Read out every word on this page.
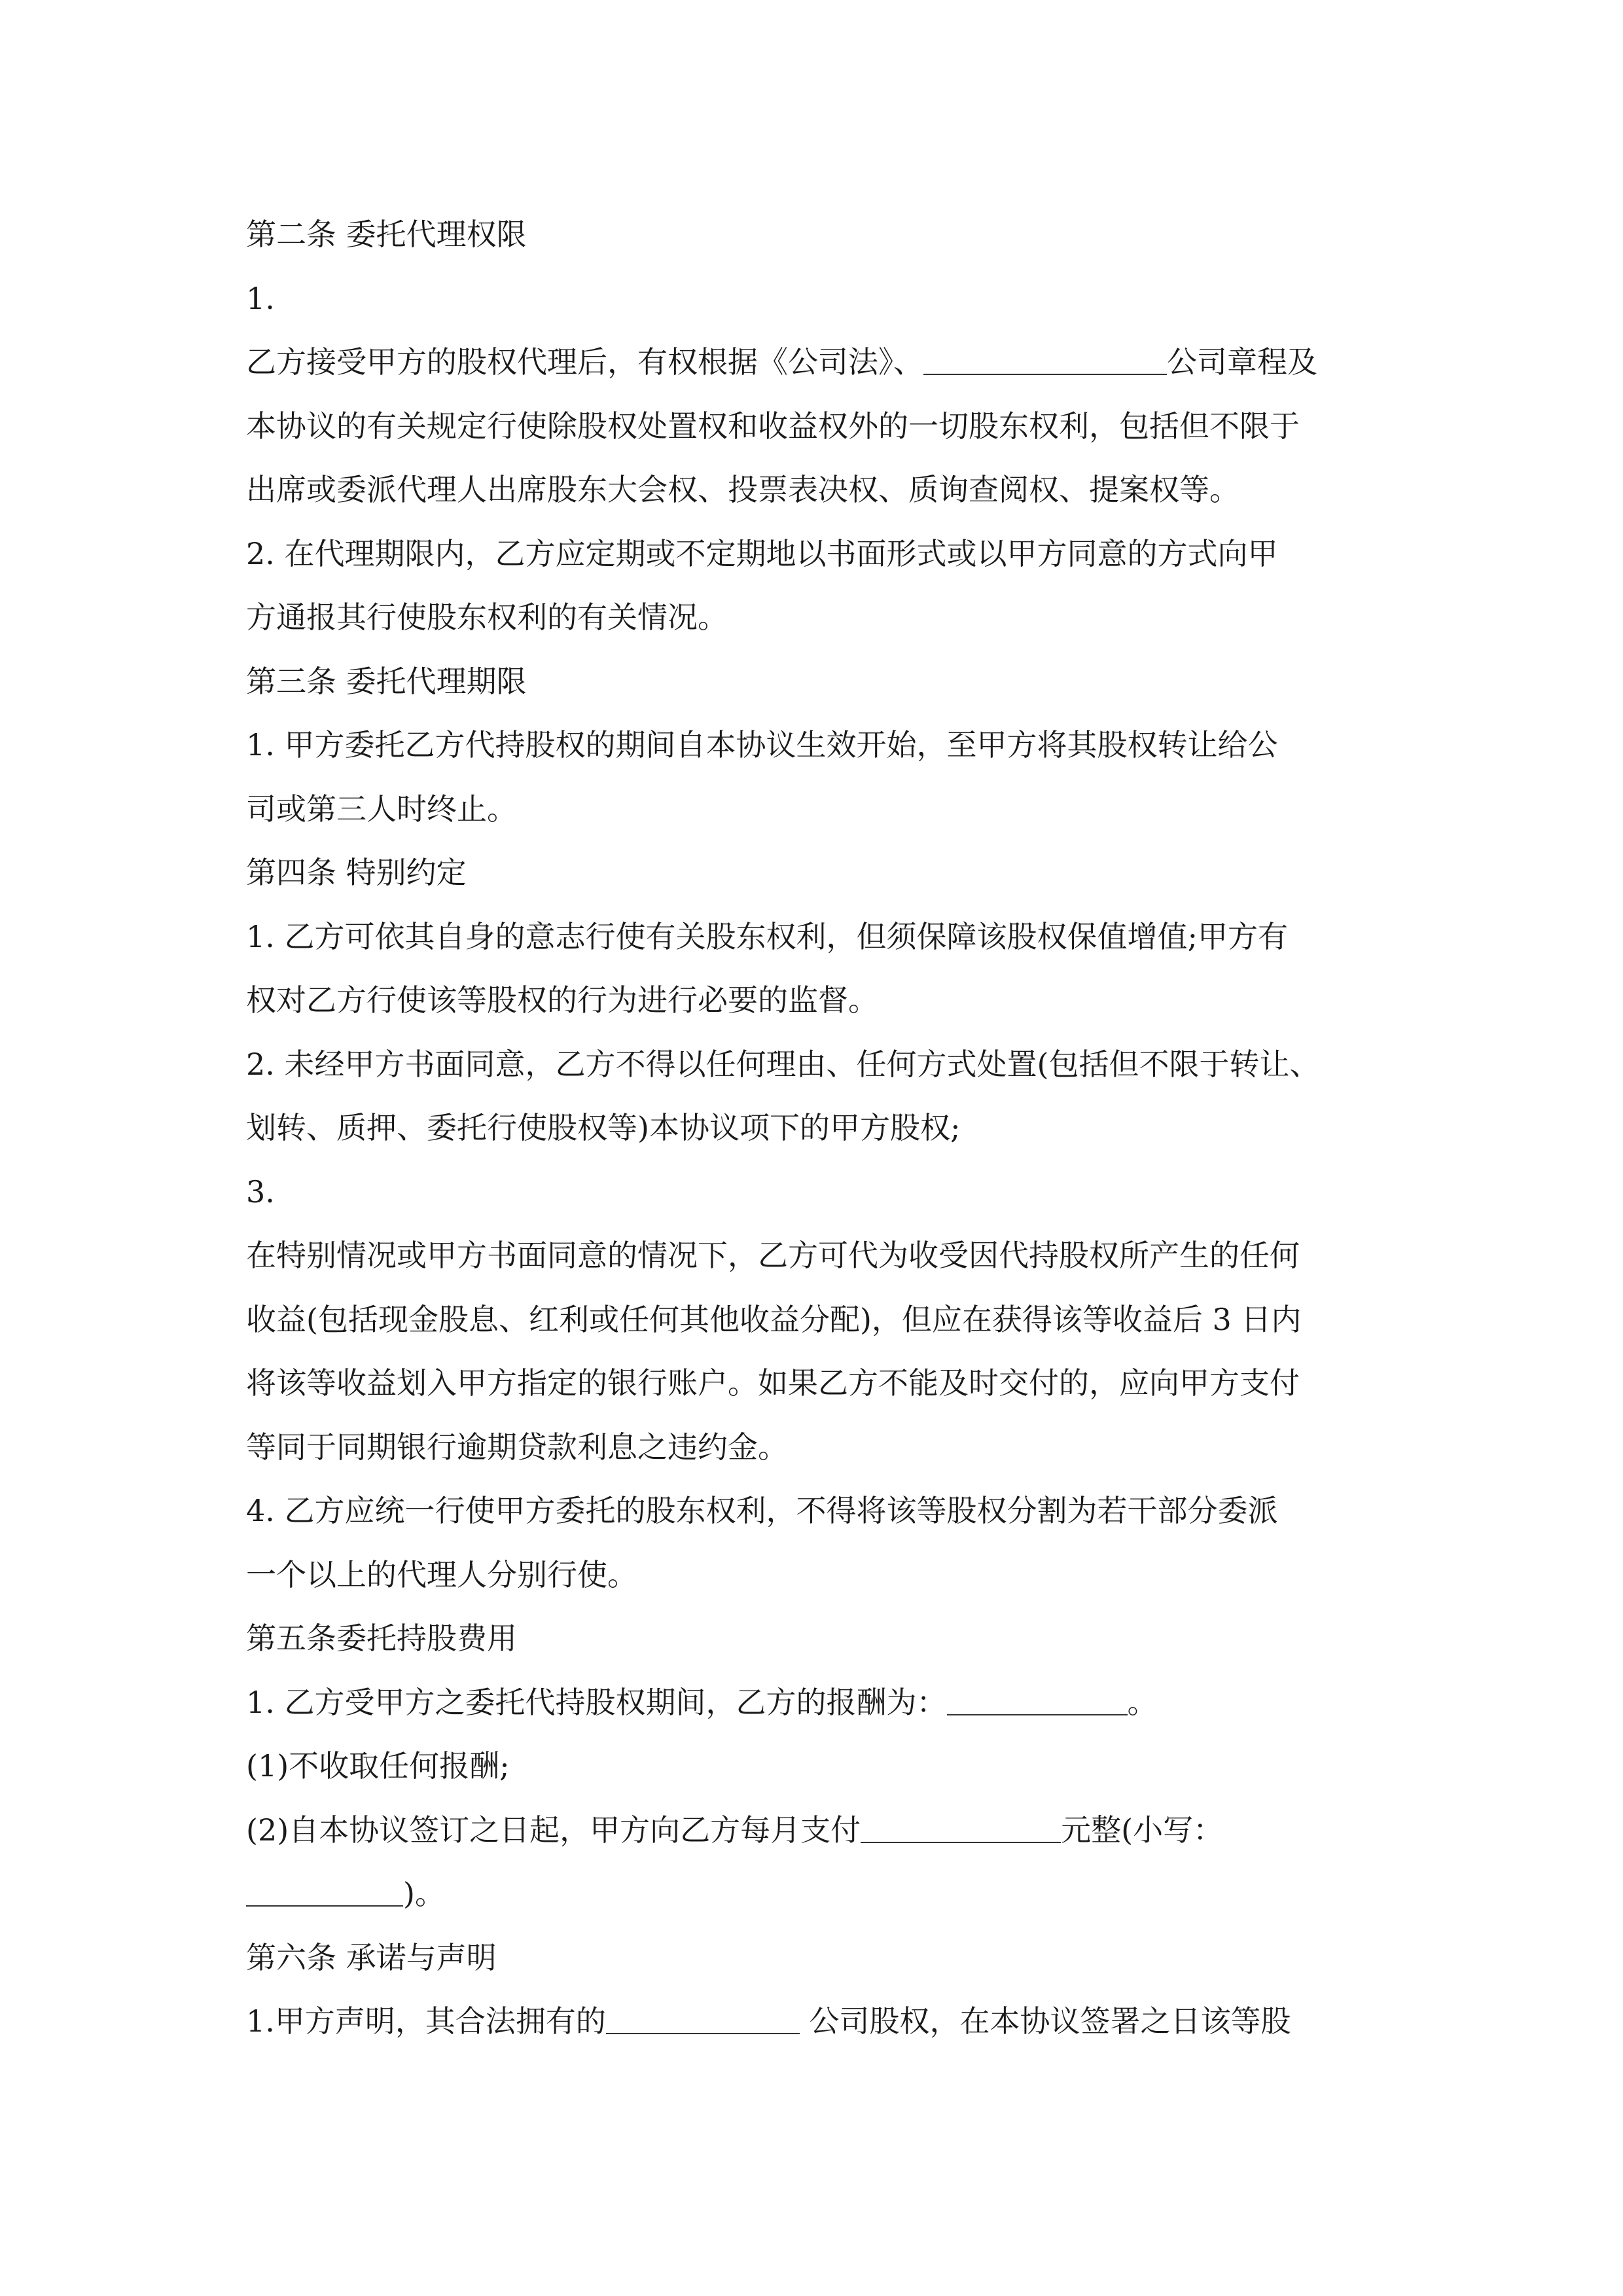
第二条 委托代理权限
1.
乙方接受甲方的股权代理后，有权根据《公司法》、	公司章程及
本协议的有关规定行使除股权处置权和收益权外的一切股东权利，包括但不限于
出席或委派代理人出席股东大会权、投票表决权、质询查阅权、提案权等。
2. 在代理期限内，乙方应定期或不定期地以书面形式或以甲方同意的方式向甲
方通报其行使股东权利的有关情况。
第三条 委托代理期限
1. 甲方委托乙方代持股权的期间自本协议生效开始，至甲方将其股权转让给公
司或第三人时终止。
第四条 特别约定
1. 乙方可依其自身的意志行使有关股东权利，但须保障该股权保值增值;甲方有
权对乙方行使该等股权的行为进行必要的监督。
2. 未经甲方书面同意，乙方不得以任何理由、任何方式处置(包括但不限于转让、
划转、质押、委托行使股权等)本协议项下的甲方股权;
3.
在特别情况或甲方书面同意的情况下，乙方可代为收受因代持股权所产生的任何
收益(包括现金股息、红利或任何其他收益分配)，但应在获得该等收益后 3 日内
将该等收益划入甲方指定的银行账户。如果乙方不能及时交付的，应向甲方支付
等同于同期银行逾期贷款利息之违约金。
4. 乙方应统一行使甲方委托的股东权利，不得将该等股权分割为若干部分委派
一个以上的代理人分别行使。
第五条委托持股费用
1. 乙方受甲方之委托代持股权期间，乙方的报酬为：	。
(1)不收取任何报酬;
(2)自本协议签订之日起，甲方向乙方每月支付	元整(小写：
)。
第六条 承诺与声明
1.甲方声明，其合法拥有的	公司股权，在本协议签署之日该等股
